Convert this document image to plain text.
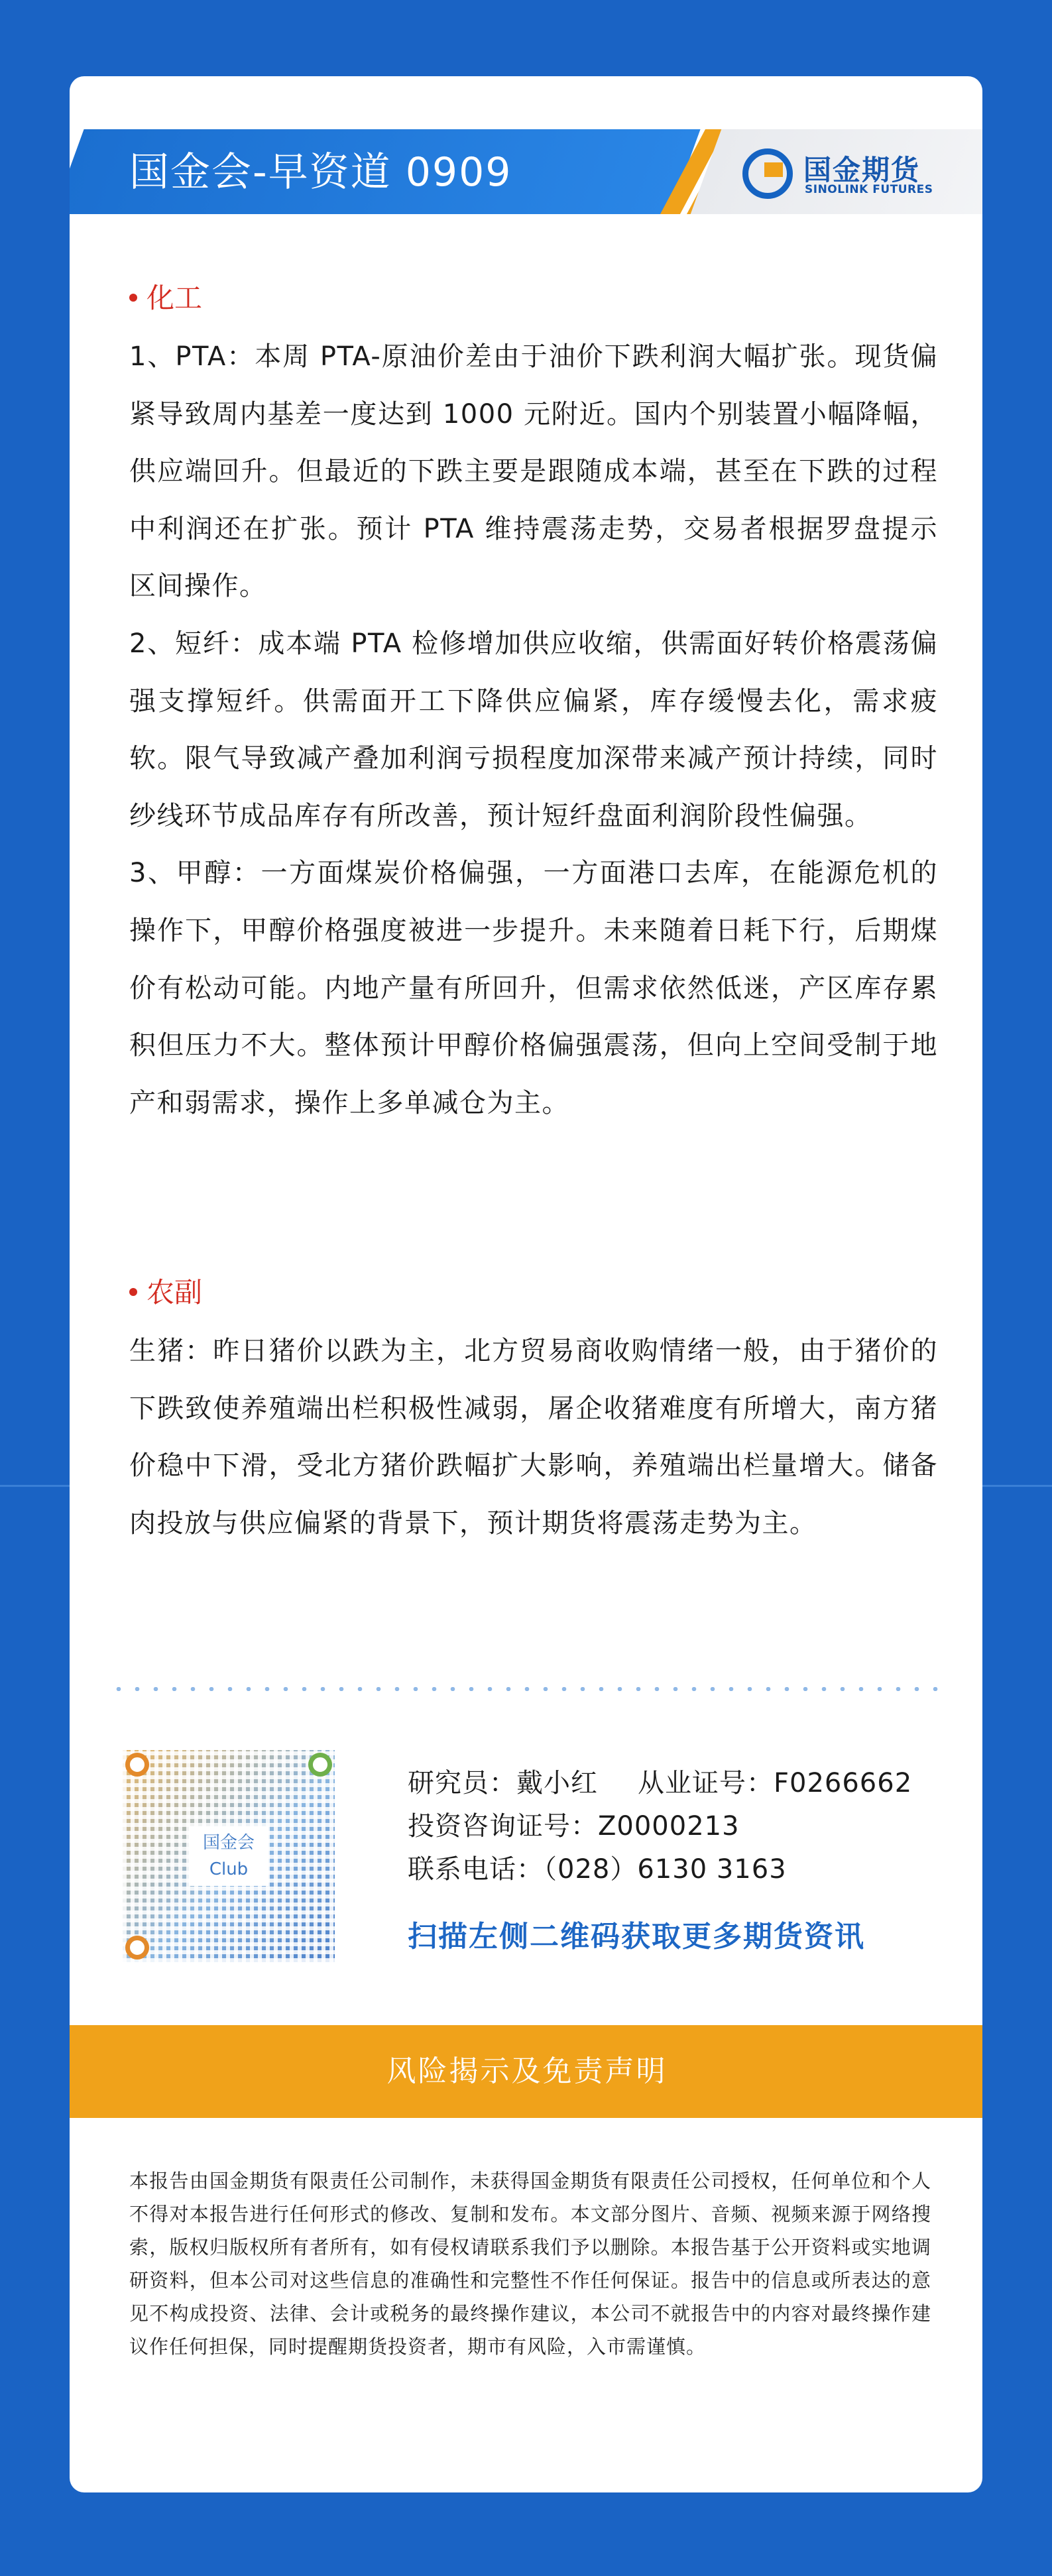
国金会-早资道 0909	国金期货
SINOLINK FUTURES
化工

1、PTA：本周 PTA-原油价差由于油价下跌利润大幅扩张。现货偏紧导致周内基差一度达到 1000 元附近。国内个别装置小幅降幅，供应端回升。但最近的下跌主要是跟随成本端，甚至在下跌的过程中利润还在扩张。预计 PTA 维持震荡走势，交易者根据罗盘提示区间操作。

2、短纤：成本端 PTA 检修增加供应收缩，供需面好转价格震荡偏强支撑短纤。供需面开工下降供应偏紧，库存缓慢去化，需求疲软。限气导致减产叠加利润亏损程度加深带来减产预计持续，同时纱线环节成品库存有所改善，预计短纤盘面利润阶段性偏强。

3、甲醇：一方面煤炭价格偏强，一方面港口去库，在能源危机的操作下，甲醇价格强度被进一步提升。未来随着日耗下行，后期煤价有松动可能。内地产量有所回升，但需求依然低迷，产区库存累积但压力不大。整体预计甲醇价格偏强震荡，但向上空间受制于地产和弱需求，操作上多单减仓为主。

农副

生猪：昨日猪价以跌为主，北方贸易商收购情绪一般，由于猪价的下跌致使养殖端出栏积极性减弱，屠企收猪难度有所增大，南方猪价稳中下滑，受北方猪价跌幅扩大影响，养殖端出栏量增大。储备肉投放与供应偏紧的背景下，预计期货将震荡走势为主。

国金会
Club
研究员：戴小红 从业证号：F0266662
投资咨询证号：Z0000213
联系电话：（028）6130 3163
扫描左侧二维码获取更多期货资讯
风险揭示及免责声明
本报告由国金期货有限责任公司制作，未获得国金期货有限责任公司授权，任何单位和个人不得对本报告进行任何形式的修改、复制和发布。本文部分图片、音频、视频来源于网络搜索，版权归版权所有者所有，如有侵权请联系我们予以删除。本报告基于公开资料或实地调研资料，但本公司对这些信息的准确性和完整性不作任何保证。报告中的信息或所表达的意见不构成投资、法律、会计或税务的最终操作建议，本公司不就报告中的内容对最终操作建议作任何担保，同时提醒期货投资者，期市有风险，入市需谨慎。
